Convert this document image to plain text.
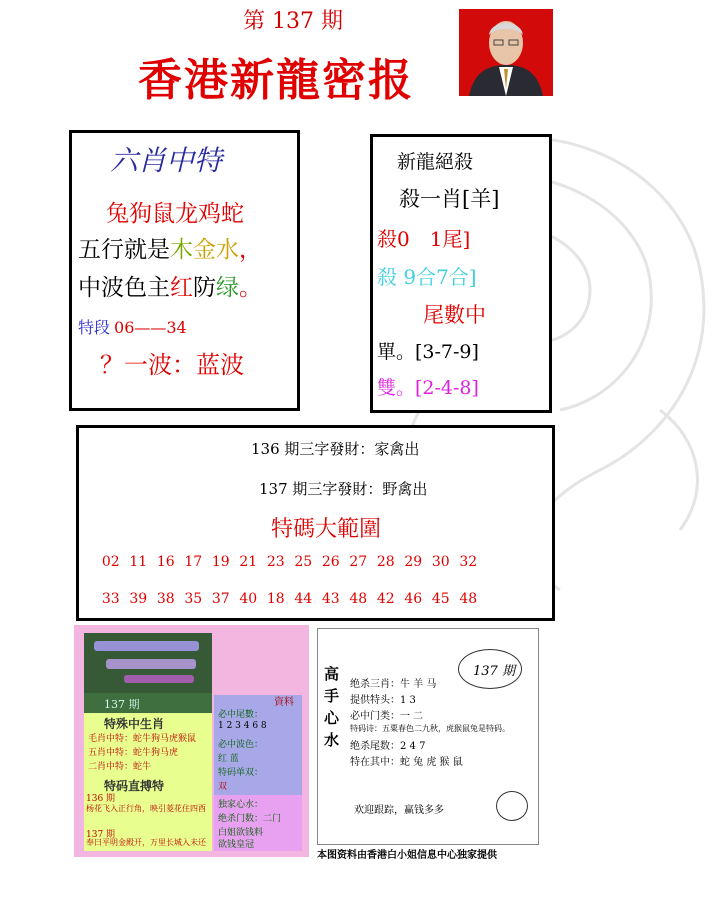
第 137 期
香港新龍密报
六肖中特
兔狗鼠龙鸡蛇
五行就是木金水，
中波色主红防绿。
特段 06——34
？一波：蓝波
新龍絕殺
殺一肖[羊]
殺0　1尾]
殺 9合7合]
尾數中
單。[3-7-9]
雙。[2-4-8]
136 期三字發財：家禽出
137 期三字發財：野禽出
特碼大範圍
02 11 16 17 19 21 23 25 26 27 28 29 30 32
33 39 38 35 37 40 18 44 43 48 42 46 45 48
137 期
特殊中生肖
毛肖中特：蛇牛狗马虎猴鼠
五肖中特：蛇牛狗马虎
二肖中特：蛇牛
特码直搏特
136 期
杨花飞入正行角，映引菱花住四酉
137 期
奉曰平明金殿开，万里长城入未还
資料
必中尾數：
1 2 3 4 6 8
必中波色：
红 蓝
特码单双：
双
独家心水：
绝杀门数：二门
白姐欲钱料
欲钱皇冠
高
手
心
水
137 期
绝杀三肖：牛 羊 马
提供特头：1 3
必中门类：一 二
特码诗：五粟春色二九秋，虎猴鼠兔是特码。
绝杀尾数：2 4 7
特在其中：蛇 兔 虎 猴 鼠
欢迎跟踪，赢钱多多
本图资料由香港白小姐信息中心独家提供
